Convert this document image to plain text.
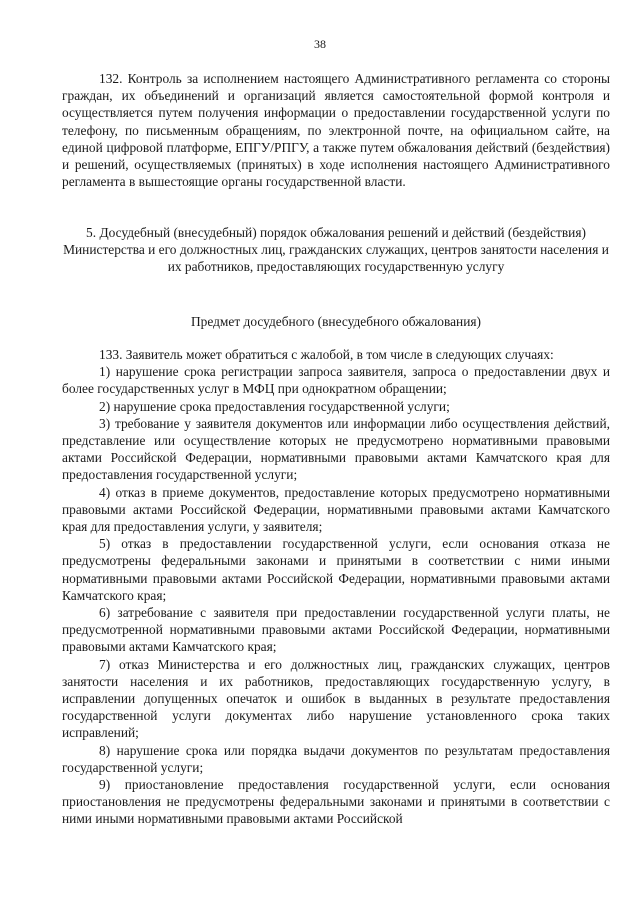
38

132. Контроль за исполнением настоящего Административного регламента со стороны граждан, их объединений и организаций является самостоятельной формой контроля и осуществляется путем получения информации о предоставлении государственной услуги по телефону, по письменным обращениям, по электронной почте, на официальном сайте, на единой цифровой платформе, ЕПГУ/РПГУ, а также путем обжалования действий (бездействия) и решений, осуществляемых (принятых) в ходе исполнения настоящего Административного регламента в вышестоящие органы государственной власти.

5. Досудебный (внесудебный) порядок обжалования решений и действий (бездействия) Министерства и его должностных лиц, гражданских служащих, центров занятости населения и их работников, предоставляющих государственную услугу

Предмет досудебного (внесудебного обжалования)

133. Заявитель может обратиться с жалобой, в том числе в следующих случаях:

1) нарушение срока регистрации запроса заявителя, запроса о предоставлении двух и более государственных услуг в МФЦ при однократном обращении;

2) нарушение срока предоставления государственной услуги;

3) требование у заявителя документов или информации либо осуществления действий, представление или осуществление которых не предусмотрено нормативными правовыми актами Российской Федерации, нормативными правовыми актами Камчатского края для предоставления государственной услуги;

4) отказ в приеме документов, предоставление которых предусмотрено нормативными правовыми актами Российской Федерации, нормативными правовыми актами Камчатского края для предоставления услуги, у заявителя;

5) отказ в предоставлении государственной услуги, если основания отказа не предусмотрены федеральными законами и принятыми в соответствии с ними иными нормативными правовыми актами Российской Федерации, нормативными правовыми актами Камчатского края;

6) затребование с заявителя при предоставлении государственной услуги платы, не предусмотренной нормативными правовыми актами Российской Федерации, нормативными правовыми актами Камчатского края;

7) отказ Министерства и его должностных лиц, гражданских служащих, центров занятости населения и их работников, предоставляющих государственную услугу, в исправлении допущенных опечаток и ошибок в выданных в результате предоставления государственной услуги документах либо нарушение установленного срока таких исправлений;

8) нарушение срока или порядка выдачи документов по результатам предоставления государственной услуги;

9) приостановление предоставления государственной услуги, если основания приостановления не предусмотрены федеральными законами и принятыми в соответствии с ними иными нормативными правовыми актами Российской
